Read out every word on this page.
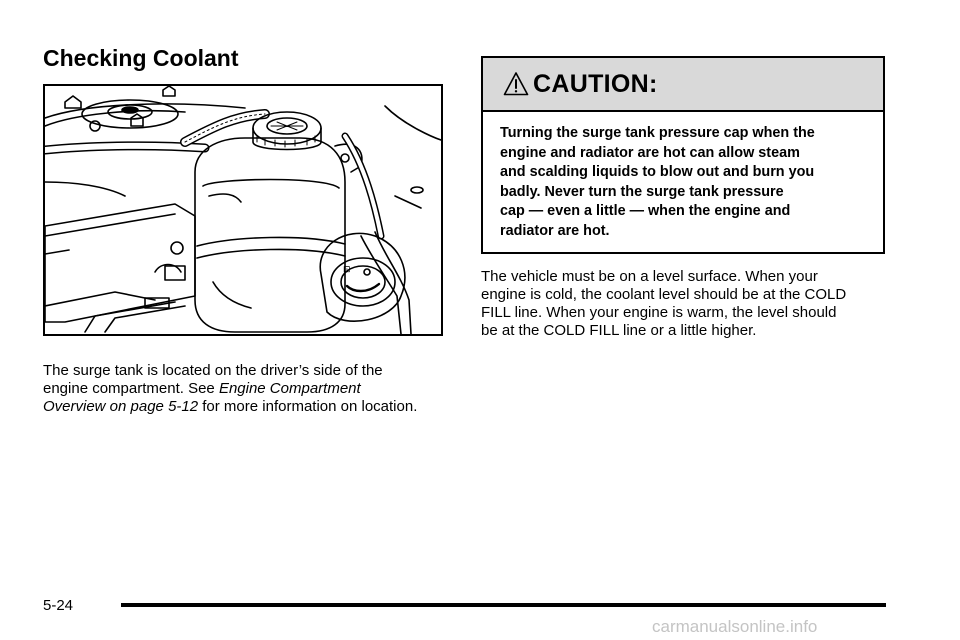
Checking Coolant
⊡

The surge tank is located on the driver’s side of the
engine compartment. See Engine Compartment
Overview on page 5-12 for more information on location.

CAUTION:
Turning the surge tank pressure cap when the
engine and radiator are hot can allow steam
and scalding liquids to blow out and burn you
badly. Never turn the surge tank pressure
cap — even a little — when the engine and
radiator are hot.

The vehicle must be on a level surface. When your
engine is cold, the coolant level should be at the COLD
FILL line. When your engine is warm, the level should
be at the COLD FILL line or a little higher.

5-24
carmanualsonline.info
